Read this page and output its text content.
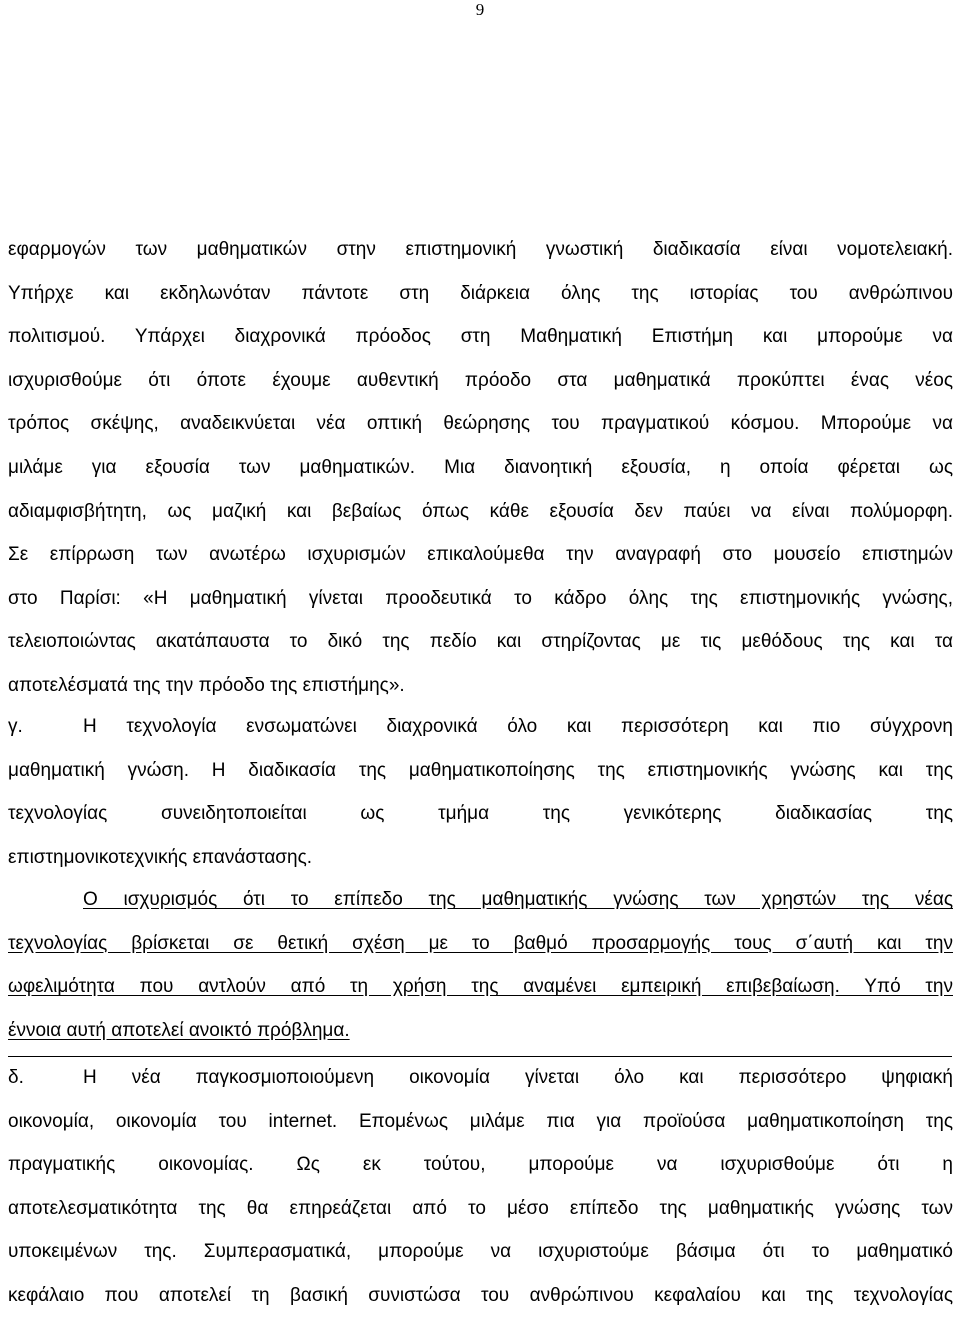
9
εφαρμογών των μαθηματικών στην επιστημονική γνωστική διαδικασία είναι νομοτελειακή.
Υπήρχε και εκδηλωνόταν πάντοτε στη διάρκεια όλης της ιστορίας του ανθρώπινου
πολιτισμού. Υπάρχει διαχρονικά πρόοδος στη Μαθηματική Επιστήμη και μπορούμε να
ισχυρισθούμε ότι όποτε έχουμε αυθεντική πρόοδο στα μαθηματικά προκύπτει ένας νέος
τρόπος σκέψης, αναδεικνύεται νέα οπτική θεώρησης του πραγματικού κόσμου. Μπορούμε να
μιλάμε για εξουσία των μαθηματικών. Μια διανοητική εξουσία, η οποία φέρεται ως
αδιαμφισβήτητη, ως μαζική και βεβαίως όπως κάθε εξουσία δεν παύει να είναι πολύμορφη.
Σε επίρρωση των ανωτέρω ισχυρισμών επικαλούμεθα την αναγραφή στο μουσείο επιστημών
στο Παρίσι: «Η μαθηματική γίνεται προοδευτικά το κάδρο όλης της επιστημονικής γνώσης,
τελειοποιώντας ακατάπαυστα το δικό της πεδίο και στηρίζοντας με τις μεθόδους της και τα
αποτελέσματά της την πρόοδο της επιστήμης».
γ.	Η τεχνολογία ενσωματώνει διαχρονικά όλο και περισσότερη και πιο σύγχρονη
μαθηματική γνώση. Η διαδικασία της μαθηματικοποίησης της επιστημονικής γνώσης και της
τεχνολογίας συνειδητοποιείται ως τμήμα της γενικότερης διαδικασίας της
επιστημονικοτεχνικής επανάστασης.
Ο ισχυρισμός ότι το επίπεδο της μαθηματικής γνώσης των χρηστών της νέας
τεχνολογίας βρίσκεται σε θετική σχέση με το βαθμό προσαρμογής τους σ΄αυτή και την
ωφελιμότητα που αντλούν από τη χρήση της αναμένει εμπειρική επιβεβαίωση. Υπό την
έννοια αυτή αποτελεί ανοικτό πρόβλημα.
δ.	Η νέα παγκοσμιοποιούμενη οικονομία γίνεται όλο και περισσότερο ψηφιακή
οικονομία, οικονομία του internet. Επομένως μιλάμε πια για προϊούσα μαθηματικοποίηση της
πραγματικής οικονομίας. Ως εκ τούτου, μπορούμε να ισχυρισθούμε ότι η
αποτελεσματικότητα της θα επηρεάζεται από το μέσο επίπεδο της μαθηματικής γνώσης των
υποκειμένων της. Συμπερασματικά, μπορούμε να ισχυριστούμε βάσιμα ότι το μαθηματικό
κεφάλαιο που αποτελεί τη βασική συνιστώσα του ανθρώπινου κεφαλαίου και της τεχνολογίας
